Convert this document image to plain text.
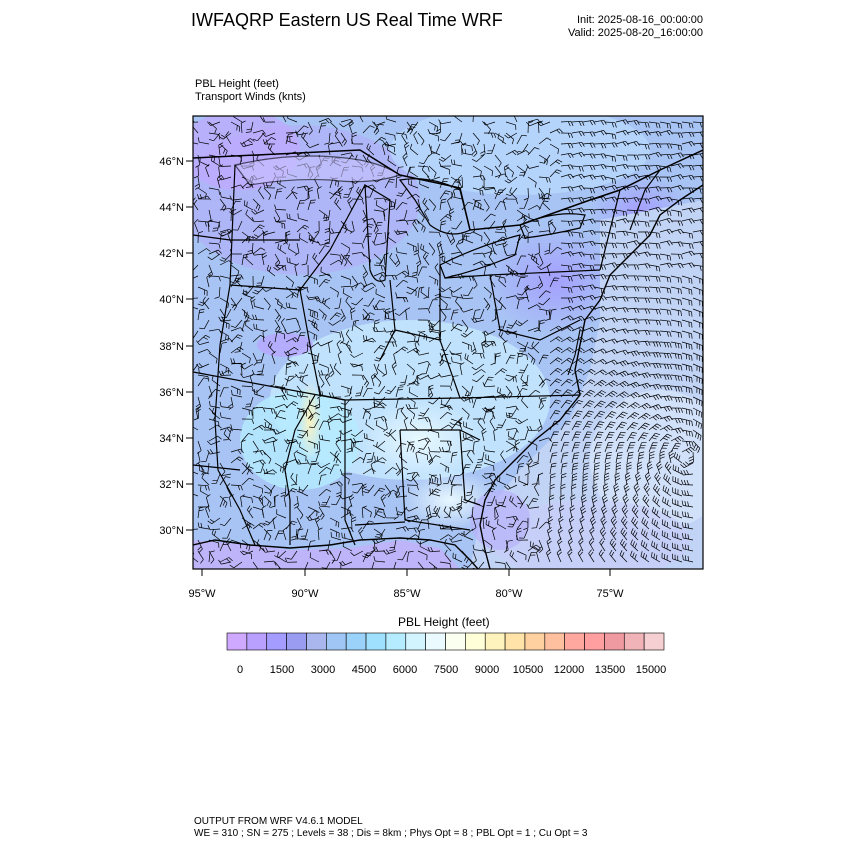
IWFAQRP Eastern US Real Time WRF	Init: 2025-08-16_00:00:00
Valid: 2025-08-20_16:00:00
PBL Height (feet)
Transport Winds (knts)
46°N
44°N
42°N
40°N
38°N
36°N
34°N
32°N
30°N
95°W	90°W	85°W	80°W	75°W
0 1500 3000 4500 6000 7500 9000 10500 12000 13500 15000
PBL Height (feet)
OUTPUT FROM WRF V4.6.1 MODEL
WE = 310 ; SN = 275 ; Levels = 38 ; Dis = 8km ; Phys Opt = 8 ; PBL Opt = 1 ; Cu Opt = 3
